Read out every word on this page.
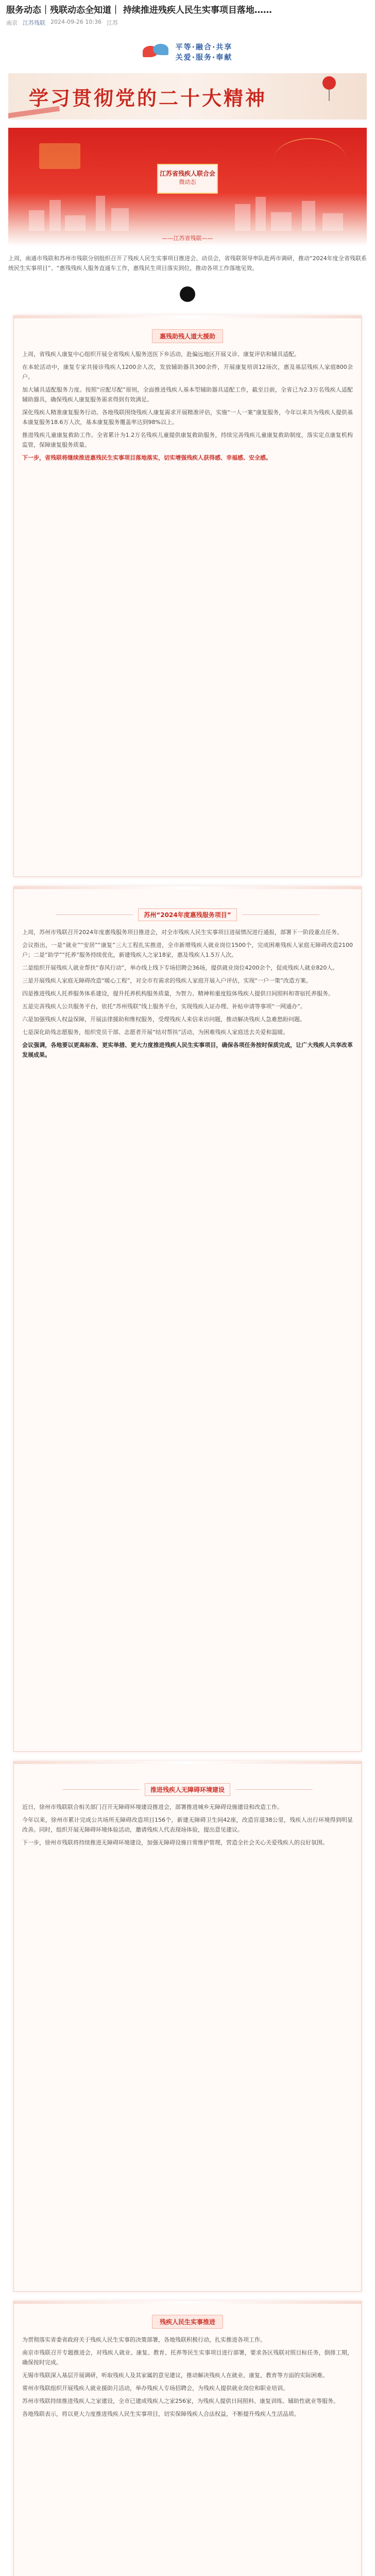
服务动态｜残联动态全知道｜ 持续推进残疾人民生实事项目落地……
南京 江苏残联 2024-09-26 10:36 江苏
平等·融合·共享
关爱·服务·奉献
学习贯彻党的二十大精神
江苏省残疾人联合会
微动态
——江苏省残联——

上周，南通市残联和苏州市残联分别组织召开了残疾人民生实事项目推进会、动员会，省残联领导率队赴两市调研，推动“2024年度全省残联系统民生实事项目”、“惠残残疾人服务直通车工作，惠残民生项目落实到位，推动各项工作落地见效。

惠残助残人道大援助

上周，省残疾人康复中心组织开展全省残疾人服务送医下乡活动，赴偏远地区开展义诊、康复评估和辅具适配。

在本轮活动中，康复专家共接诊残疾人1200余人次，发放辅助器具300余件，开展康复培训12场次，惠及基层残疾人家庭800余户。

加大辅具适配服务力度。按照“应配尽配”原则，全面推进残疾人基本型辅助器具适配工作，截至目前，全省已为2.3万名残疾人适配辅助器具，确保残疾人康复服务需求得到有效满足。

深化残疾人精准康复服务行动。各地残联围绕残疾人康复需求开展精准评估，实施“一人一案”康复服务，今年以来共为残疾人提供基本康复服务18.6万人次，基本康复服务覆盖率达到98%以上。

推进残疾儿童康复救助工作。全省累计为1.2万名残疾儿童提供康复救助服务，持续完善残疾儿童康复救助制度，落实定点康复机构监管，保障康复服务质量。

下一步，省残联将继续推进惠残民生实事项目落地落实，切实增强残疾人获得感、幸福感、安全感。

苏州“2024年度惠残服务项目”

上周，苏州市残联召开2024年度惠残服务项目推进会，对全市残疾人民生实事项目进展情况进行通报，部署下一阶段重点任务。

会议指出，一是“就业”“安居”“康复”三大工程扎实推进，全市新增残疾人就业岗位1500个，完成困难残疾人家庭无障碍改造2100户；二是“助学”“托养”服务持续优化，新建残疾人之家18家，惠及残疾人1.5万人次。

二是组织开展残疾人就业帮扶“春风行动”，举办线上线下专场招聘会36场，提供就业岗位4200余个，促成残疾人就业820人。

三是开展残疾人家庭无障碍改造“暖心工程”，对全市有需求的残疾人家庭开展入户评估，实现“一户一策”改造方案。

四是推进残疾人托养服务体系建设，提升托养机构服务质量，为智力、精神和重度肢体残疾人提供日间照料和寄宿托养服务。

五是完善残疾人公共服务平台，依托“苏州残联”线上服务平台，实现残疾人证办理、补贴申请等事项“一网通办”。

六是加强残疾人权益保障，开展法律援助和维权服务，受理残疾人来信来访问题，推动解决残疾人急难愁盼问题。

七是深化助残志愿服务，组织党员干部、志愿者开展“结对帮扶”活动，为困难残疾人家庭送去关爱和温暖。

会议强调，各地要以更高标准、更实举措、更大力度推进残疾人民生实事项目，确保各项任务按时保质完成，让广大残疾人共享改革发展成果。

推进残疾人无障碍环境建设

近日，徐州市残联联合相关部门召开无障碍环境建设推进会，部署推进城乡无障碍设施建设和改造工作。

今年以来，徐州市累计完成公共场所无障碍改造项目156个，新建无障碍卫生间42座，改造盲道38公里，残疾人出行环境得到明显改善。同时，组织开展无障碍环境体验活动，邀请残疾人代表现场体验，提出意见建议。

下一步，徐州市残联将持续推进无障碍环境建设，加强无障碍设施日常维护管理，营造全社会关心关爱残疾人的良好氛围。

残疾人民生实事推进

为贯彻落实省委省政府关于残疾人民生实事的决策部署，各地残联积极行动，扎实推进各项工作。

南京市残联召开专题推进会，对残疾人就业、康复、教育、托养等民生实事项目进行部署，要求各区残联对照目标任务，倒排工期，确保按时完成。

无锡市残联深入基层开展调研，听取残疾人及其家属的意见建议，推动解决残疾人在就业、康复、教育等方面的实际困难。

常州市残联组织开展残疾人就业援助月活动，举办残疾人专场招聘会，为残疾人提供就业岗位和职业培训。

苏州市残联持续推进残疾人之家建设，全市已建成残疾人之家256家，为残疾人提供日间照料、康复训练、辅助性就业等服务。

各地残联表示，将以更大力度推进残疾人民生实事项目，切实保障残疾人合法权益，不断提升残疾人生活品质。
